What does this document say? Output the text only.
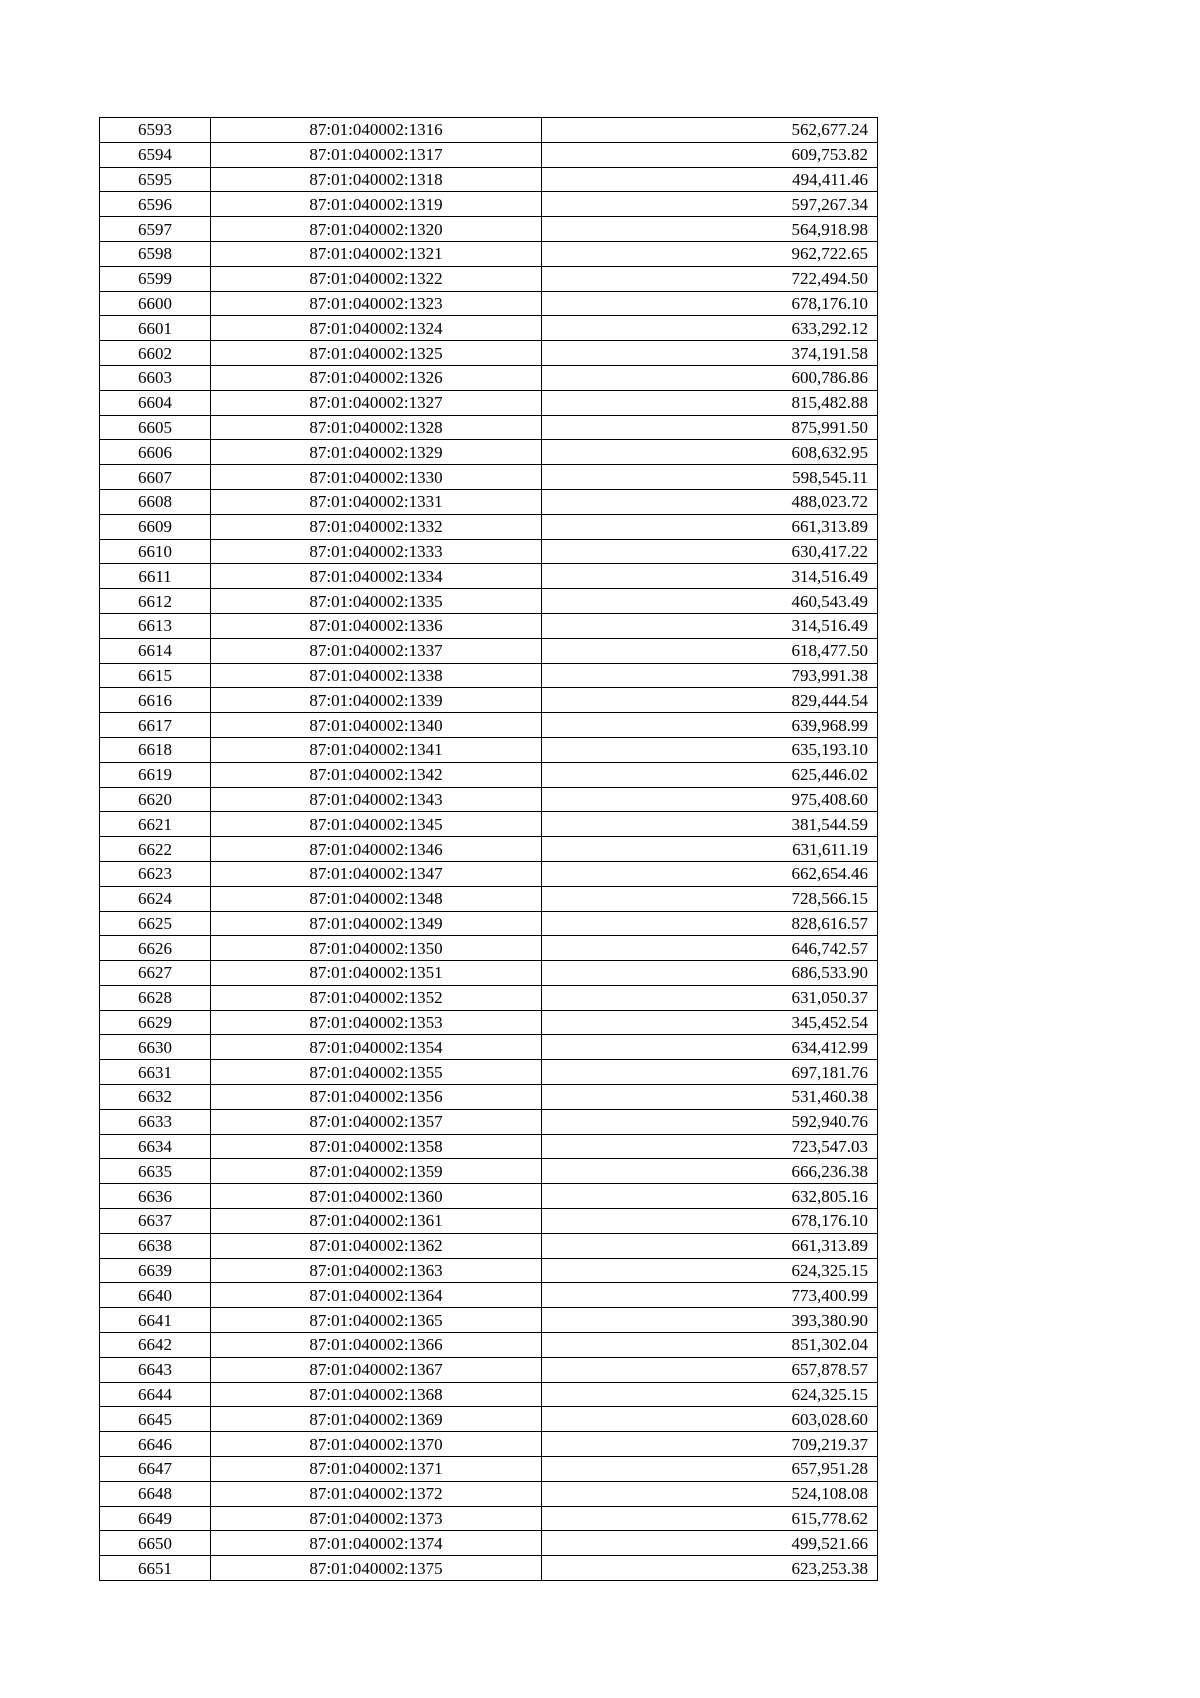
6593	87:01:040002:1316	562,677.24
6594	87:01:040002:1317	609,753.82
6595	87:01:040002:1318	494,411.46
6596	87:01:040002:1319	597,267.34
6597	87:01:040002:1320	564,918.98
6598	87:01:040002:1321	962,722.65
6599	87:01:040002:1322	722,494.50
6600	87:01:040002:1323	678,176.10
6601	87:01:040002:1324	633,292.12
6602	87:01:040002:1325	374,191.58
6603	87:01:040002:1326	600,786.86
6604	87:01:040002:1327	815,482.88
6605	87:01:040002:1328	875,991.50
6606	87:01:040002:1329	608,632.95
6607	87:01:040002:1330	598,545.11
6608	87:01:040002:1331	488,023.72
6609	87:01:040002:1332	661,313.89
6610	87:01:040002:1333	630,417.22
6611	87:01:040002:1334	314,516.49
6612	87:01:040002:1335	460,543.49
6613	87:01:040002:1336	314,516.49
6614	87:01:040002:1337	618,477.50
6615	87:01:040002:1338	793,991.38
6616	87:01:040002:1339	829,444.54
6617	87:01:040002:1340	639,968.99
6618	87:01:040002:1341	635,193.10
6619	87:01:040002:1342	625,446.02
6620	87:01:040002:1343	975,408.60
6621	87:01:040002:1345	381,544.59
6622	87:01:040002:1346	631,611.19
6623	87:01:040002:1347	662,654.46
6624	87:01:040002:1348	728,566.15
6625	87:01:040002:1349	828,616.57
6626	87:01:040002:1350	646,742.57
6627	87:01:040002:1351	686,533.90
6628	87:01:040002:1352	631,050.37
6629	87:01:040002:1353	345,452.54
6630	87:01:040002:1354	634,412.99
6631	87:01:040002:1355	697,181.76
6632	87:01:040002:1356	531,460.38
6633	87:01:040002:1357	592,940.76
6634	87:01:040002:1358	723,547.03
6635	87:01:040002:1359	666,236.38
6636	87:01:040002:1360	632,805.16
6637	87:01:040002:1361	678,176.10
6638	87:01:040002:1362	661,313.89
6639	87:01:040002:1363	624,325.15
6640	87:01:040002:1364	773,400.99
6641	87:01:040002:1365	393,380.90
6642	87:01:040002:1366	851,302.04
6643	87:01:040002:1367	657,878.57
6644	87:01:040002:1368	624,325.15
6645	87:01:040002:1369	603,028.60
6646	87:01:040002:1370	709,219.37
6647	87:01:040002:1371	657,951.28
6648	87:01:040002:1372	524,108.08
6649	87:01:040002:1373	615,778.62
6650	87:01:040002:1374	499,521.66
6651	87:01:040002:1375	623,253.38
